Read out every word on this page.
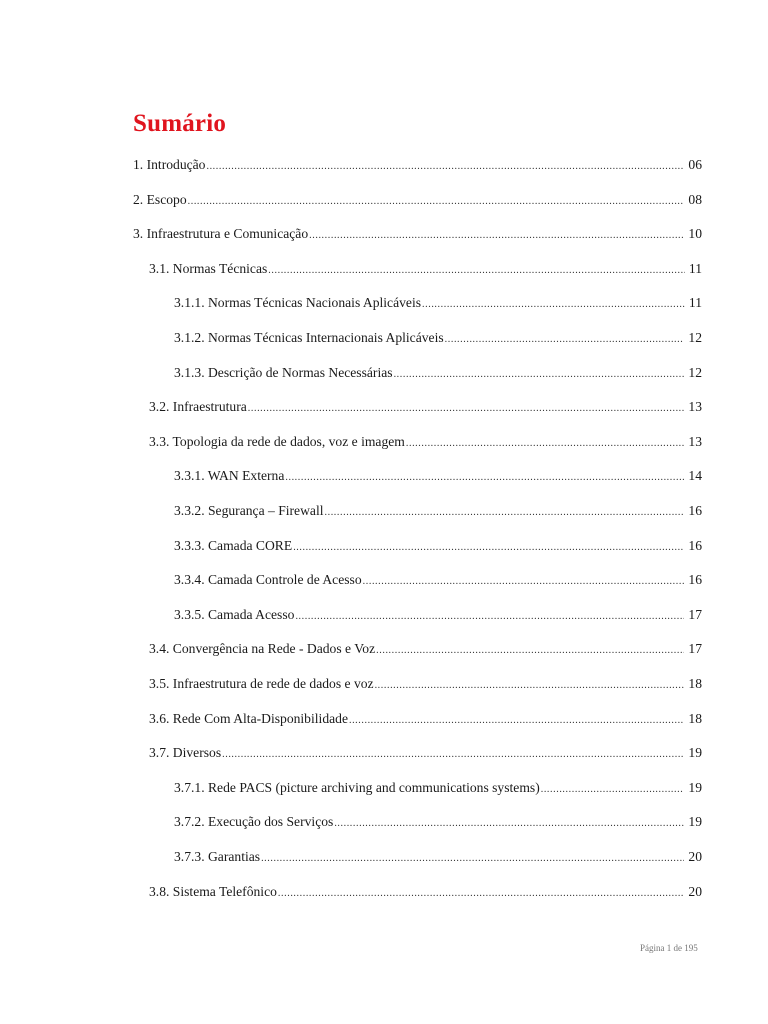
Sumário
1. Introdução .....	06
2. Escopo .....	08
3. Infraestrutura e Comunicação .....	10
3.1. Normas Técnicas .....	11
3.1.1. Normas Técnicas Nacionais Aplicáveis .....	11
3.1.2. Normas Técnicas Internacionais Aplicáveis .....	12
3.1.3. Descrição de Normas Necessárias .....	12
3.2. Infraestrutura .....	13
3.3. Topologia da rede de dados, voz e imagem .....	13
3.3.1. WAN Externa .....	14
3.3.2. Segurança – Firewall .....	16
3.3.3. Camada CORE .....	16
3.3.4. Camada Controle de Acesso .....	16
3.3.5. Camada Acesso .....	17
3.4. Convergência na Rede - Dados e Voz .....	17
3.5. Infraestrutura de rede de dados e voz .....	18
3.6. Rede Com Alta-Disponibilidade .....	18
3.7. Diversos .....	19
3.7.1. Rede PACS (picture archiving and communications systems) .....	19
3.7.2. Execução dos Serviços .....	19
3.7.3. Garantias .....	20
3.8. Sistema Telefônico .....	20
Página 1 de 195
